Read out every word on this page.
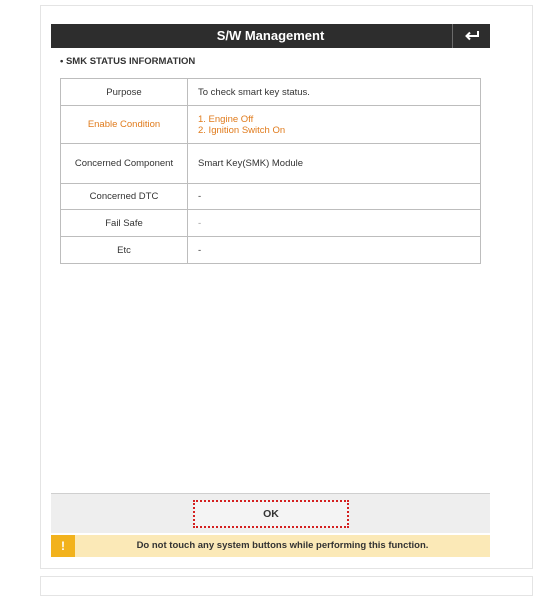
S/W Management
• SMK STATUS INFORMATION
Purpose	To check smart key status.
Enable Condition	1. Engine Off
2. Ignition Switch On

Concerned Component	Smart Key(SMK) Module
Concerned DTC	-
Fail Safe	-
Etc	-
OK
!	Do not touch any system buttons while performing this function.
